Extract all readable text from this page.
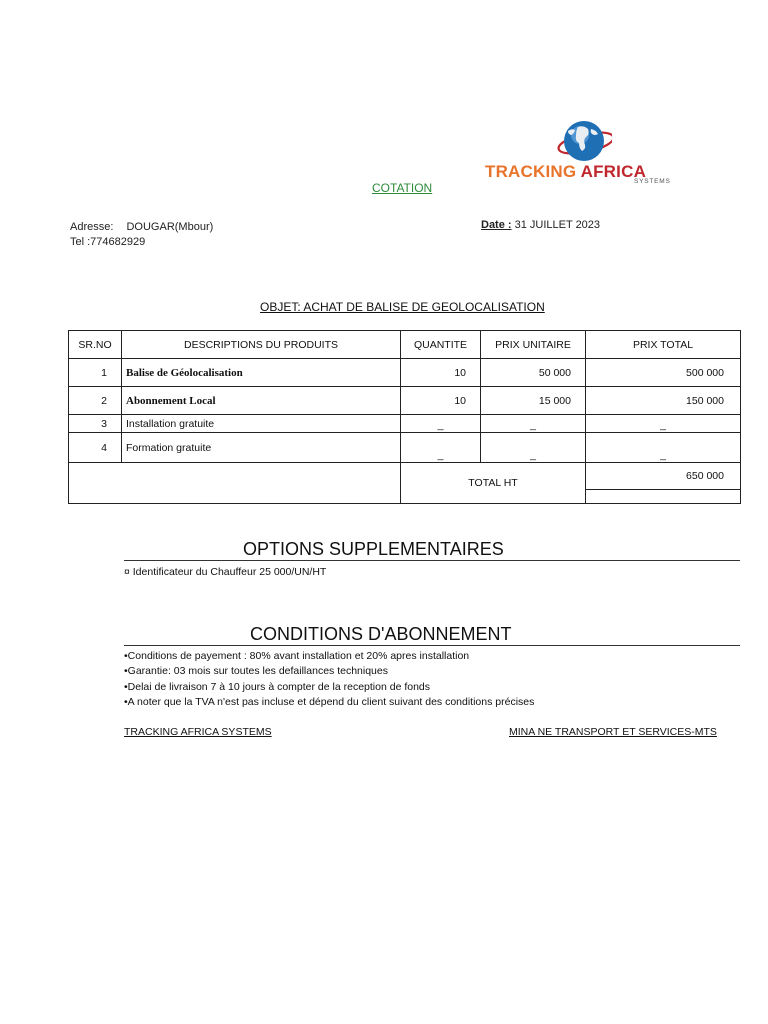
TRACKING AFRICA
SYSTEMS
COTATION
Adresse: DOUGAR(Mbour)
Tel :774682929
Date : 31 JUILLET 2023
OBJET: ACHAT DE BALISE DE GEOLOCALISATION
SR.NO	DESCRIPTIONS DU PRODUITS	QUANTITE	PRIX UNITAIRE	PRIX TOTAL
1	Balise de Géolocalisation	10	50 000	500 000
2	Abonnement Local	10	15 000	150 000
3	Installation gratuite	_	_	_
4	Formation gratuite	_	_	_
		TOTAL HT		650 000
OPTIONS SUPPLEMENTAIRES
¤ Identificateur du Chauffeur 25 000/UN/HT
CONDITIONS D'ABONNEMENT
•Conditions de payement : 80% avant installation et 20% apres installation
•Garantie: 03 mois sur toutes les defaillances techniques
•Delai de livraison 7 à 10 jours à compter de la reception de fonds
•A noter que la TVA n'est pas incluse et dépend du client suivant des conditions précises
TRACKING AFRICA SYSTEMS	MINA NE TRANSPORT ET SERVICES-MTS
